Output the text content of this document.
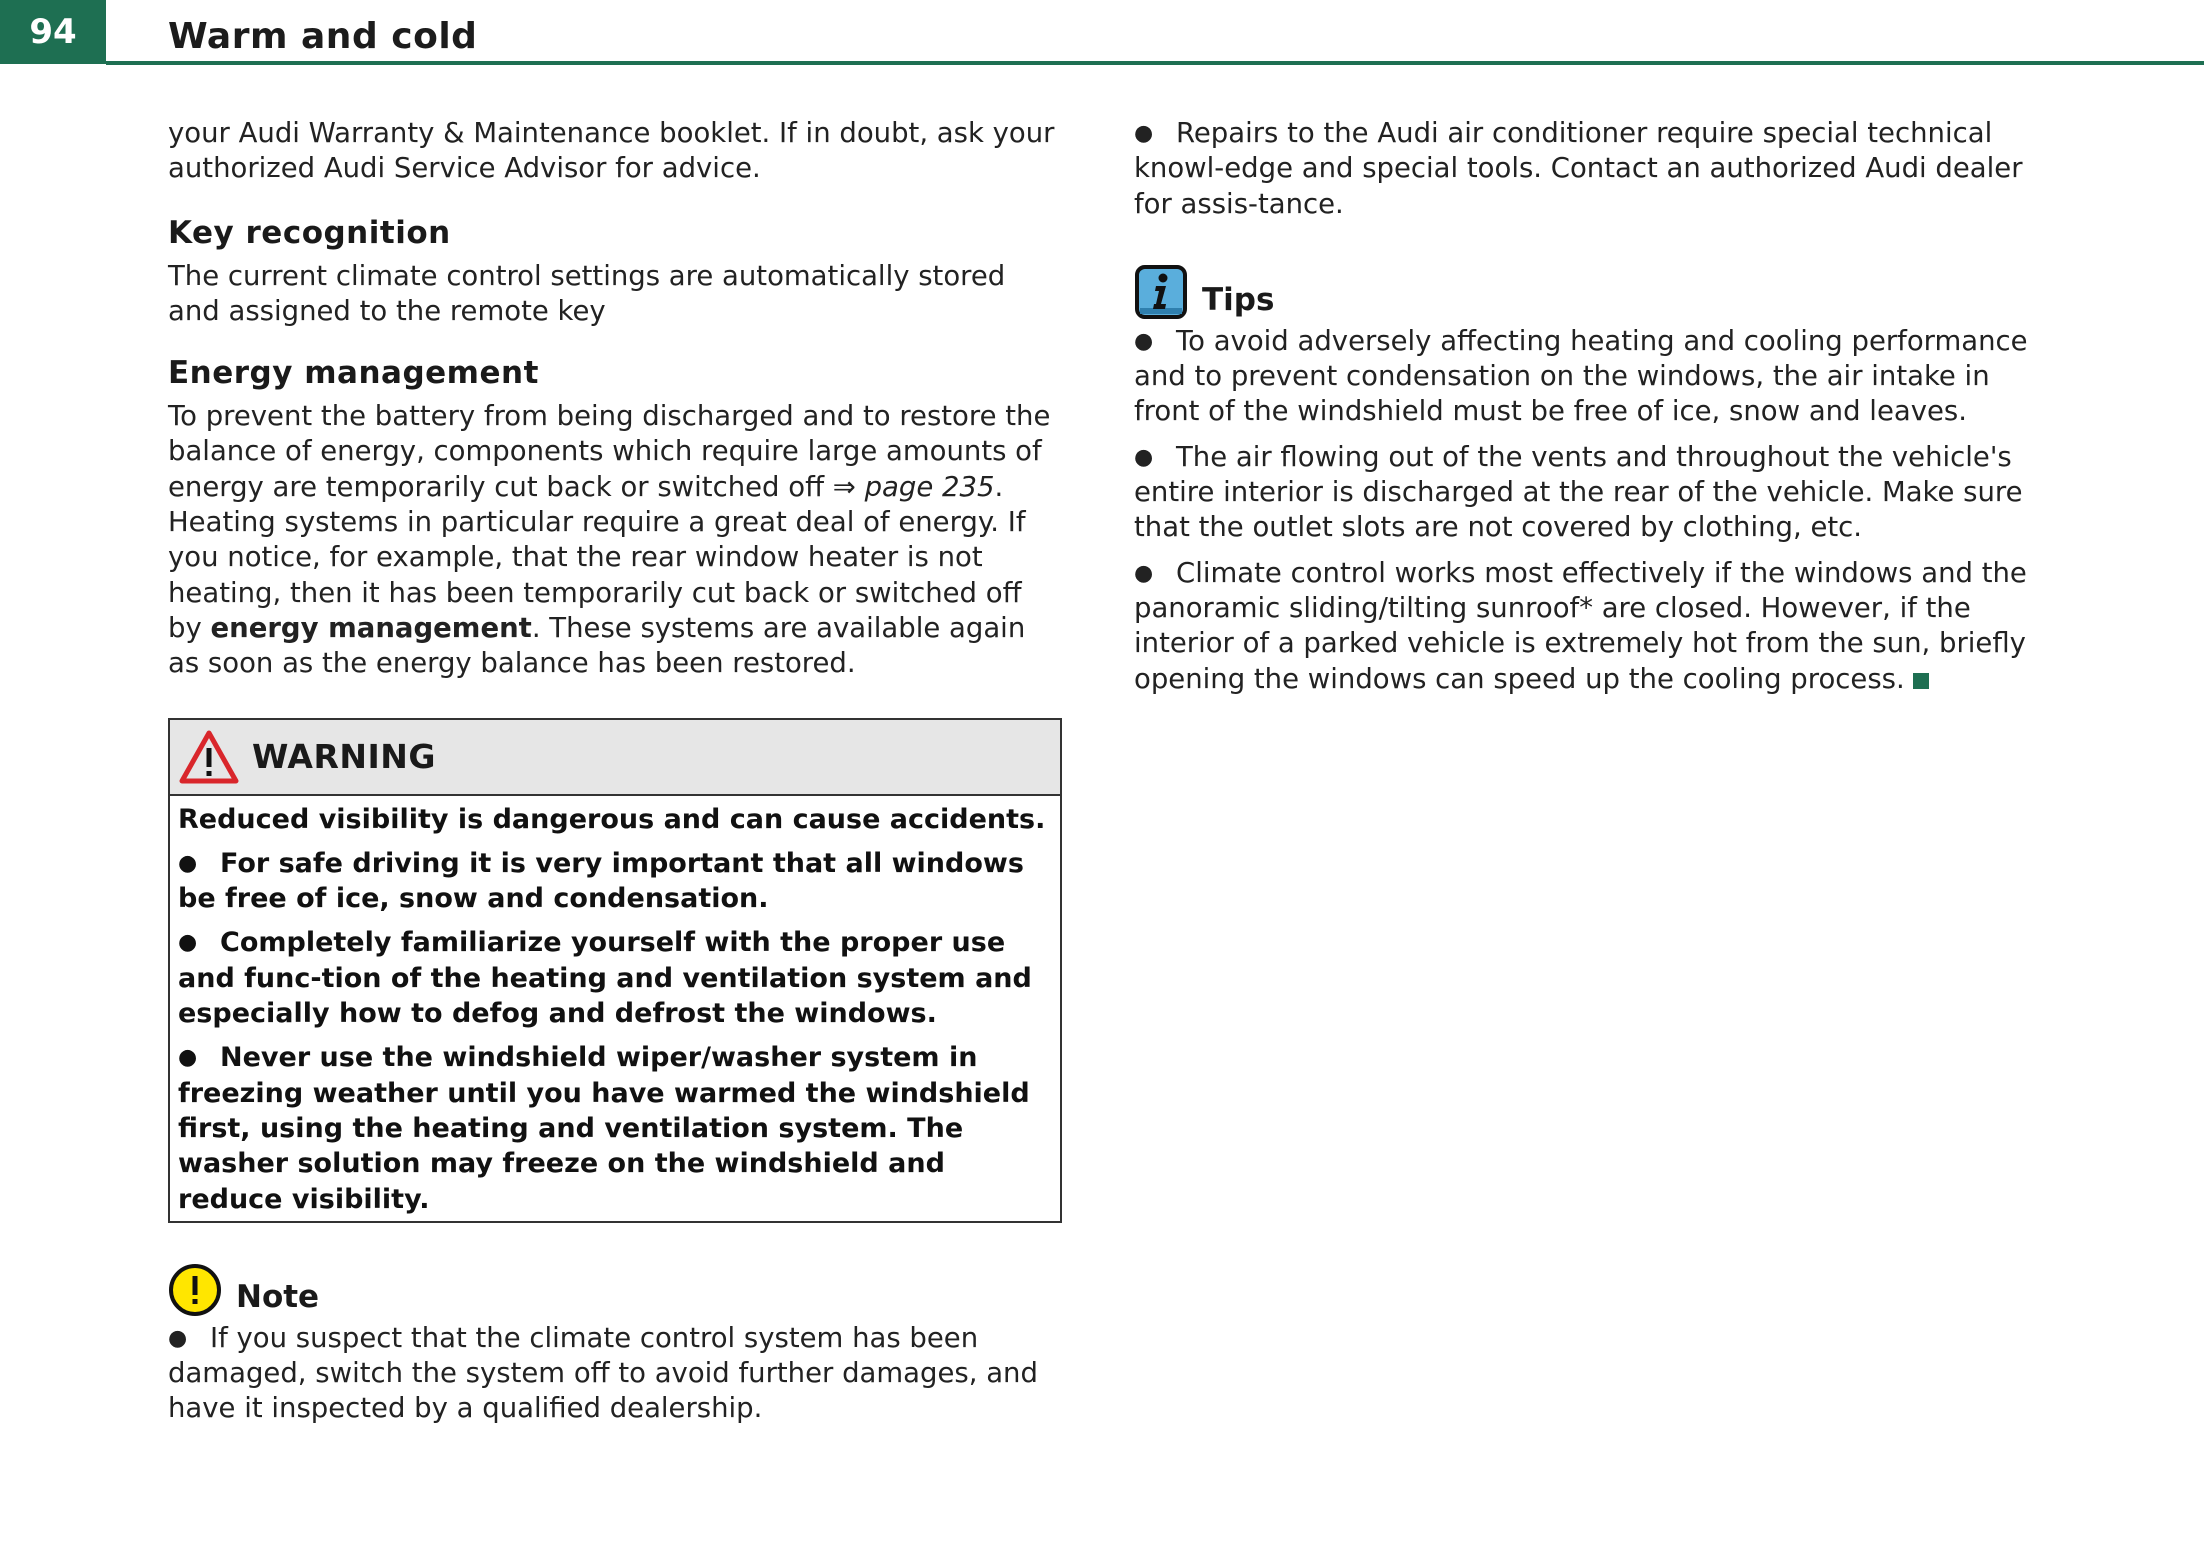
94	Warm and cold

your Audi Warranty & Maintenance booklet. If in doubt, ask your authorized Audi Service Advisor for advice.

Key recognition

The current climate control settings are automatically stored and assigned to the remote key

Energy management

To prevent the battery from being discharged and to restore the balance of energy, components which require large amounts of energy are temporarily cut back or switched off ⇒ page 235. Heating systems in particular require a great deal of energy. If you notice, for example, that the rear window heater is not heating, then it has been temporarily cut back or switched off by energy management. These systems are available again as soon as the energy balance has been restored.

WARNING

Reduced visibility is dangerous and can cause accidents.

● For safe driving it is very important that all windows be free of ice, snow and condensation.

● Completely familiarize yourself with the proper use and func-tion of the heating and ventilation system and especially how to defog and defrost the windows.

● Never use the windshield wiper/washer system in freezing weather until you have warmed the windshield first, using the heating and ventilation system. The washer solution may freeze on the windshield and reduce visibility.

Note

● If you suspect that the climate control system has been damaged, switch the system off to avoid further damages, and have it inspected by a qualified dealership.

● Repairs to the Audi air conditioner require special technical knowl-edge and special tools. Contact an authorized Audi dealer for assis-tance.

Tips

● To avoid adversely affecting heating and cooling performance and to prevent condensation on the windows, the air intake in front of the windshield must be free of ice, snow and leaves.

● The air flowing out of the vents and throughout the vehicle's entire interior is discharged at the rear of the vehicle. Make sure that the outlet slots are not covered by clothing, etc.

● Climate control works most effectively if the windows and the panoramic sliding/tilting sunroof* are closed. However, if the interior of a parked vehicle is extremely hot from the sun, briefly opening the windows can speed up the cooling process.
